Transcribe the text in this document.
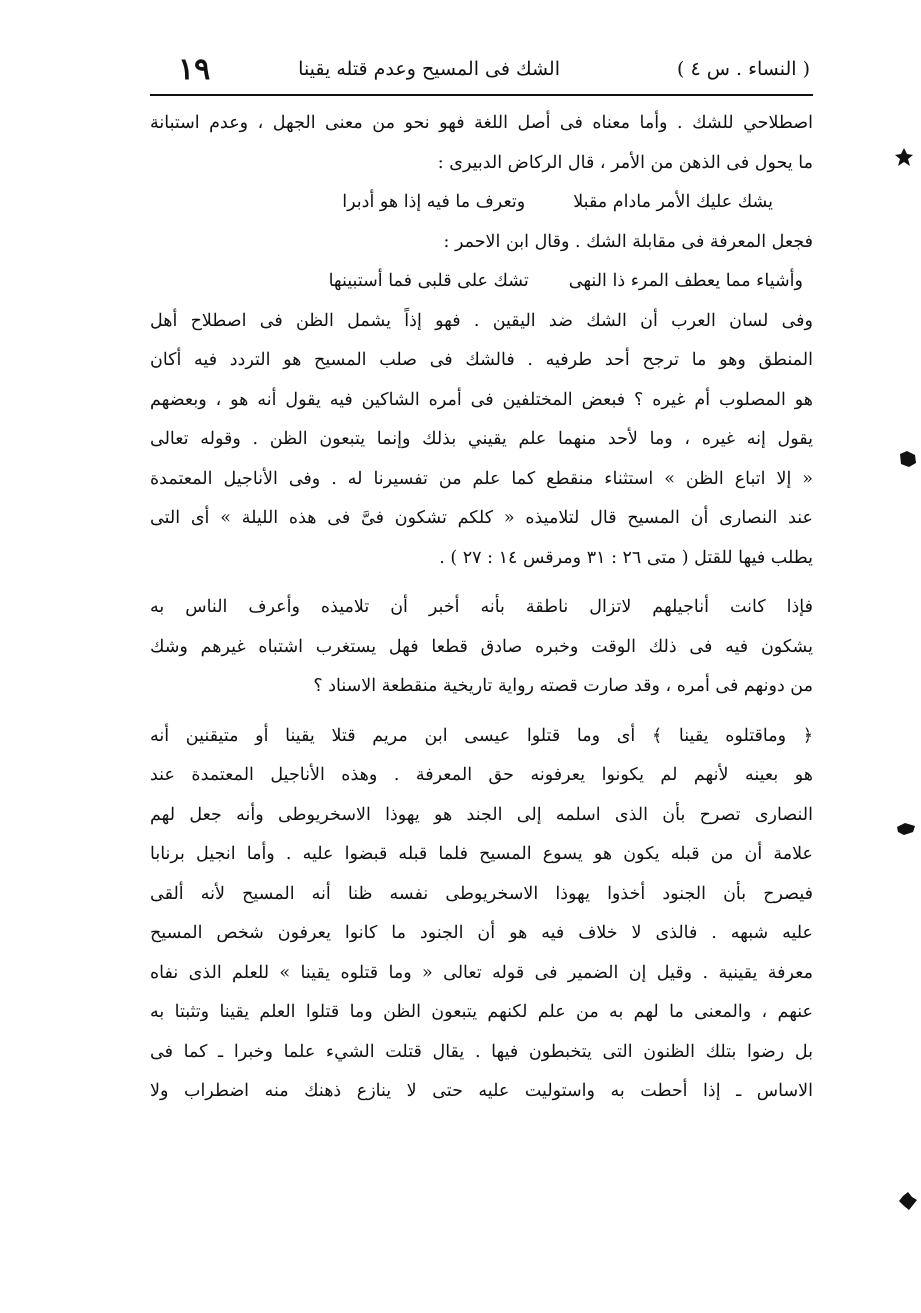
( النساء . س ٤ )
الشك فى المسيح وعدم قتله يقينا
١٩
اصطلاحي للشك . وأما معناه فى أصل اللغة فهو نحو من معنى الجهل ، وعدم استبانة
ما يحول فى الذهن من الأمر ، قال الركاض الدبيرى :
يشك عليك الأمر مادام مقبلا
وتعرف ما فيه إذا هو أدبرا
فجعل المعرفة فى مقابلة الشك . وقال ابن الاحمر :
وأشياء مما يعطف المرء ذا النهى
تشك على قلبى فما أستبينها
وفى لسان العرب أن الشك ضد اليقين . فهو إذاً يشمل الظن فى اصطلاح أهل
المنطق وهو ما ترجح أحد طرفيه . فالشك فى صلب المسيح هو التردد فيه أكان
هو المصلوب أم غيره ؟ فبعض المختلفين فى أمره الشاكين فيه يقول أنه هو ، وبعضهم
يقول إنه غيره ، وما لأحد منهما علم يقيني بذلك وإنما يتبعون الظن . وقوله تعالى
« إلا اتباع الظن » استثناء منقطع كما علم من تفسيرنا له . وفى الأناجيل المعتمدة
عند النصارى أن المسيح قال لتلاميذه « كلكم تشكون فىَّ فى هذه الليلة » أى التى
يطلب فيها للقتل ( متى ٢٦ : ٣١ ومرقس ١٤ : ٢٧ ) .
فإذا كانت أناجيلهم لاتزال ناطقة بأنه أخبر أن تلاميذه وأعرف الناس به
يشكون فيه فى ذلك الوقت وخبره صادق قطعا فهل يستغرب اشتباه غيرهم وشك
من دونهم فى أمره ، وقد صارت قصته رواية تاريخية منقطعة الاسناد ؟
﴿ وماقتلوه يقينا ﴾ أى وما قتلوا عيسى ابن مريم قتلا يقينا أو متيقنين أنه
هو بعينه لأنهم لم يكونوا يعرفونه حق المعرفة . وهذه الأناجيل المعتمدة عند
النصارى تصرح بأن الذى اسلمه إلى الجند هو يهوذا الاسخريوطى وأنه جعل لهم
علامة أن من قبله يكون هو يسوع المسيح فلما قبله قبضوا عليه . وأما انجيل برنابا
فيصرح بأن الجنود أخذوا يهوذا الاسخريوطى نفسه ظنا أنه المسيح لأنه ألقى
عليه شبهه . فالذى لا خلاف فيه هو أن الجنود ما كانوا يعرفون شخص المسيح
معرفة يقينية . وقيل إن الضمير فى قوله تعالى « وما قتلوه يقينا » للعلم الذى نفاه
عنهم ، والمعنى ما لهم به من علم لكنهم يتبعون الظن وما قتلوا العلم يقينا وتثبتا به
بل رضوا بتلك الظنون التى يتخبطون فيها . يقال قتلت الشيء علما وخبرا ـ كما فى
الاساس ـ إذا أحطت به واستوليت عليه حتى لا ينازع ذهنك منه اضطراب ولا
